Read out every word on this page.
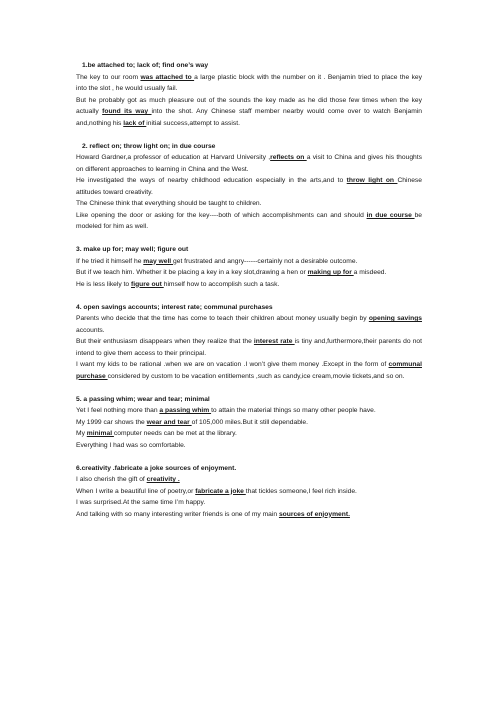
1.be attached to; lack of; find one’s way

The key to our room was attached to a large plastic block with the number on it . Benjamin tried to place the key into the slot , he would usually fail.

But he probably got as much pleasure out of the sounds the key made as he did those few times when the key actually found its way into the shot. Any Chinese staff member nearby would come over to watch Benjamin and,nothing his lack of initial success,attempt to assist.

2. reflect on; throw light on; in due course

Howard Gardner,a professor of education at Harvard University ,reflects on a visit to China and gives his thoughts on different approaches to learning in China and the West.

He investigated the ways of nearby childhood education especially in the arts,and to throw light on Chinese attitudes toward creativity.

The Chinese think that everything should be taught to children.

Like opening the door or asking for the key----both of which accomplishments can and should in due course be modeled for him as well.

3. make up for; may well; figure out

If he tried it himself he may well get frustrated and angry------certainly not a desirable outcome.

But if we teach him. Whether it be placing a key in a key slot,drawing a hen or making up for a misdeed.

He is less likely to figure out himself how to accomplish such a task.

4. open savings accounts; interest rate; communal purchases

Parents who decide that the time has come to teach their children about money usually begin by opening savings accounts.

But their enthusiasm disappears when they realize that the interest rate is tiny and,furthermore,their parents do not intend to give them access to their principal.

I want my kids to be rational .when we are on vacation .I won’t give them money .Except in the form of communal purchase considered by custom to be vacation entitlements ,such as candy,ice cream,movie tickets,and so on.

5. a passing whim; wear and tear; minimal

Yet I feel nothing more than a passing whim to attain the material things so many other people have.

My 1999 car shows the wear and tear of 105,000 miles.But it still dependable.

My minimal computer needs can be met at the library.

Everything I had was so comfortable.

6.creativity .fabricate a joke sources of enjoyment.

I also cherish the gift of creativity .

When I write a beautiful line of poetry,or fabricate a joke that tickles someone,I feel rich inside.

I was surprised.At the same time I’m happy.

And talking with so many interesting writer friends is one of my main sources of enjoyment.
